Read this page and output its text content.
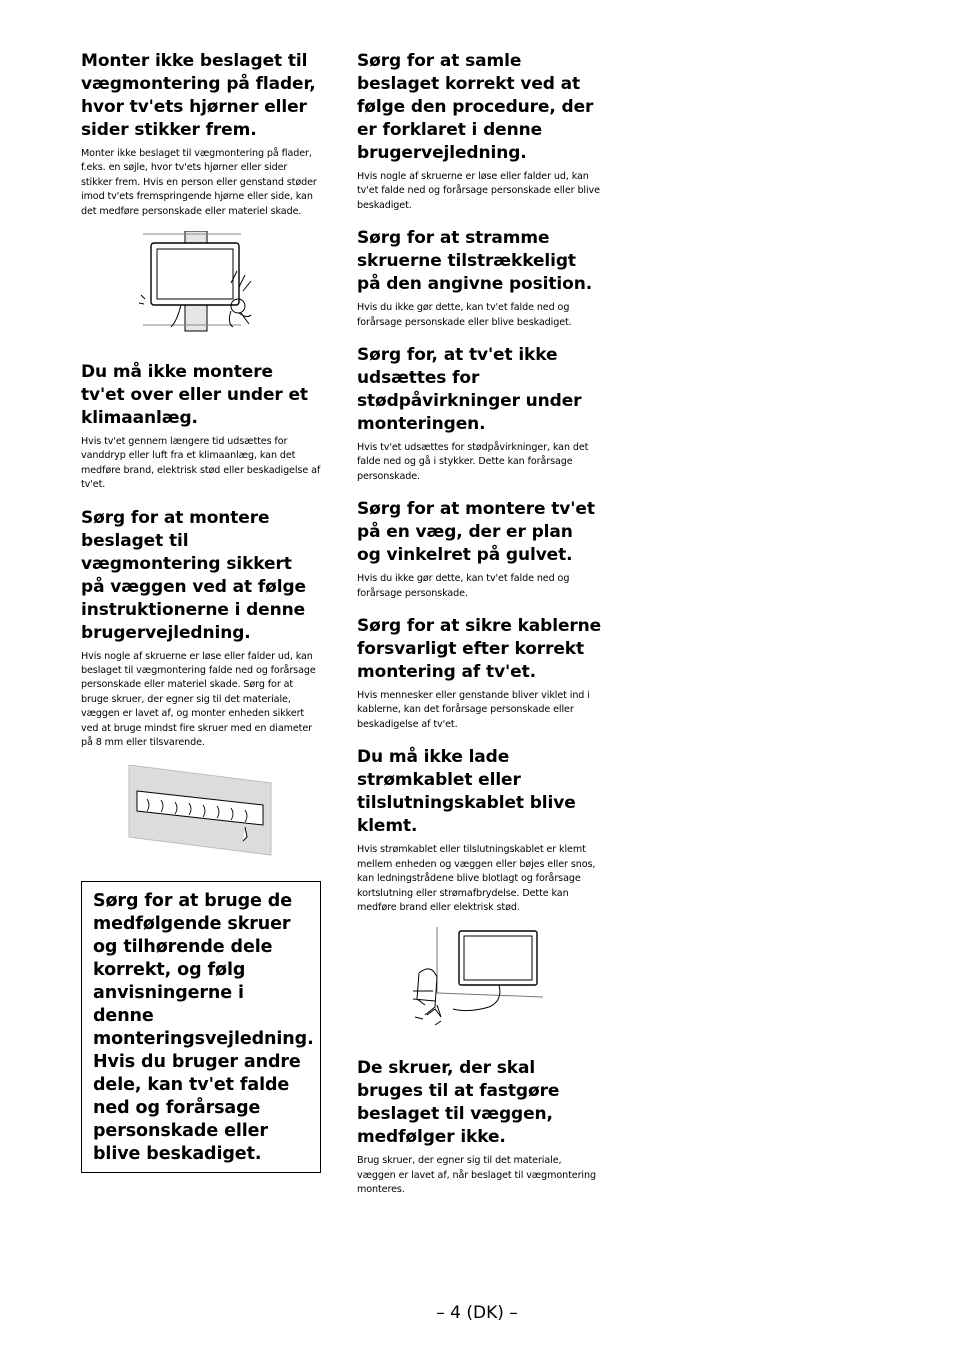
Monter ikke beslaget til vægmontering på flader, hvor tv'ets hjørner eller sider stikker frem.

Monter ikke beslaget til vægmontering på flader, f.eks. en søjle, hvor tv'ets hjørner eller sider stikker frem. Hvis en person eller genstand støder imod tv'ets fremspringende hjørne eller side, kan det medføre personskade eller materiel skade.

Du må ikke montere tv'et over eller under et klimaanlæg.

Hvis tv'et gennem længere tid udsættes for vanddryp eller luft fra et klimaanlæg, kan det medføre brand, elektrisk stød eller beskadigelse af tv'et.

Sørg for at montere beslaget til vægmontering sikkert på væggen ved at følge instruktionerne i denne brugervejledning.

Hvis nogle af skruerne er løse eller falder ud, kan beslaget til vægmontering falde ned og forårsage personskade eller materiel skade. Sørg for at bruge skruer, der egner sig til det materiale, væggen er lavet af, og monter enheden sikkert ved at bruge mindst fire skruer med en diameter på 8 mm eller tilsvarende.

Sørg for at bruge de medfølgende skruer og tilhørende dele korrekt, og følg anvisningerne i denne monteringsvejledning. Hvis du bruger andre dele, kan tv'et falde ned og forårsage personskade eller blive beskadiget.
Sørg for at samle beslaget korrekt ved at følge den procedure, der er forklaret i denne brugervejledning.

Hvis nogle af skruerne er løse eller falder ud, kan tv'et falde ned og forårsage personskade eller blive beskadiget.

Sørg for at stramme skruerne tilstrækkeligt på den angivne position.

Hvis du ikke gør dette, kan tv'et falde ned og forårsage personskade eller blive beskadiget.

Sørg for, at tv'et ikke udsættes for stødpåvirkninger under monteringen.

Hvis tv'et udsættes for stødpåvirkninger, kan det falde ned og gå i stykker. Dette kan forårsage personskade.

Sørg for at montere tv'et på en væg, der er plan og vinkelret på gulvet.

Hvis du ikke gør dette, kan tv'et falde ned og forårsage personskade.

Sørg for at sikre kablerne forsvarligt efter korrekt montering af tv'et.

Hvis mennesker eller genstande bliver viklet ind i kablerne, kan det forårsage personskade eller beskadigelse af tv'et.

Du må ikke lade strømkablet eller tilslutningskablet blive klemt.

Hvis strømkablet eller tilslutningskablet er klemt mellem enheden og væggen eller bøjes eller snos, kan ledningstrådene blive blotlagt og forårsage kortslutning eller strømafbrydelse. Dette kan medføre brand eller elektrisk stød.

De skruer, der skal bruges til at fastgøre beslaget til væggen, medfølger ikke.

Brug skruer, der egner sig til det materiale, væggen er lavet af, når beslaget til vægmontering monteres.

– 4 (DK) –
